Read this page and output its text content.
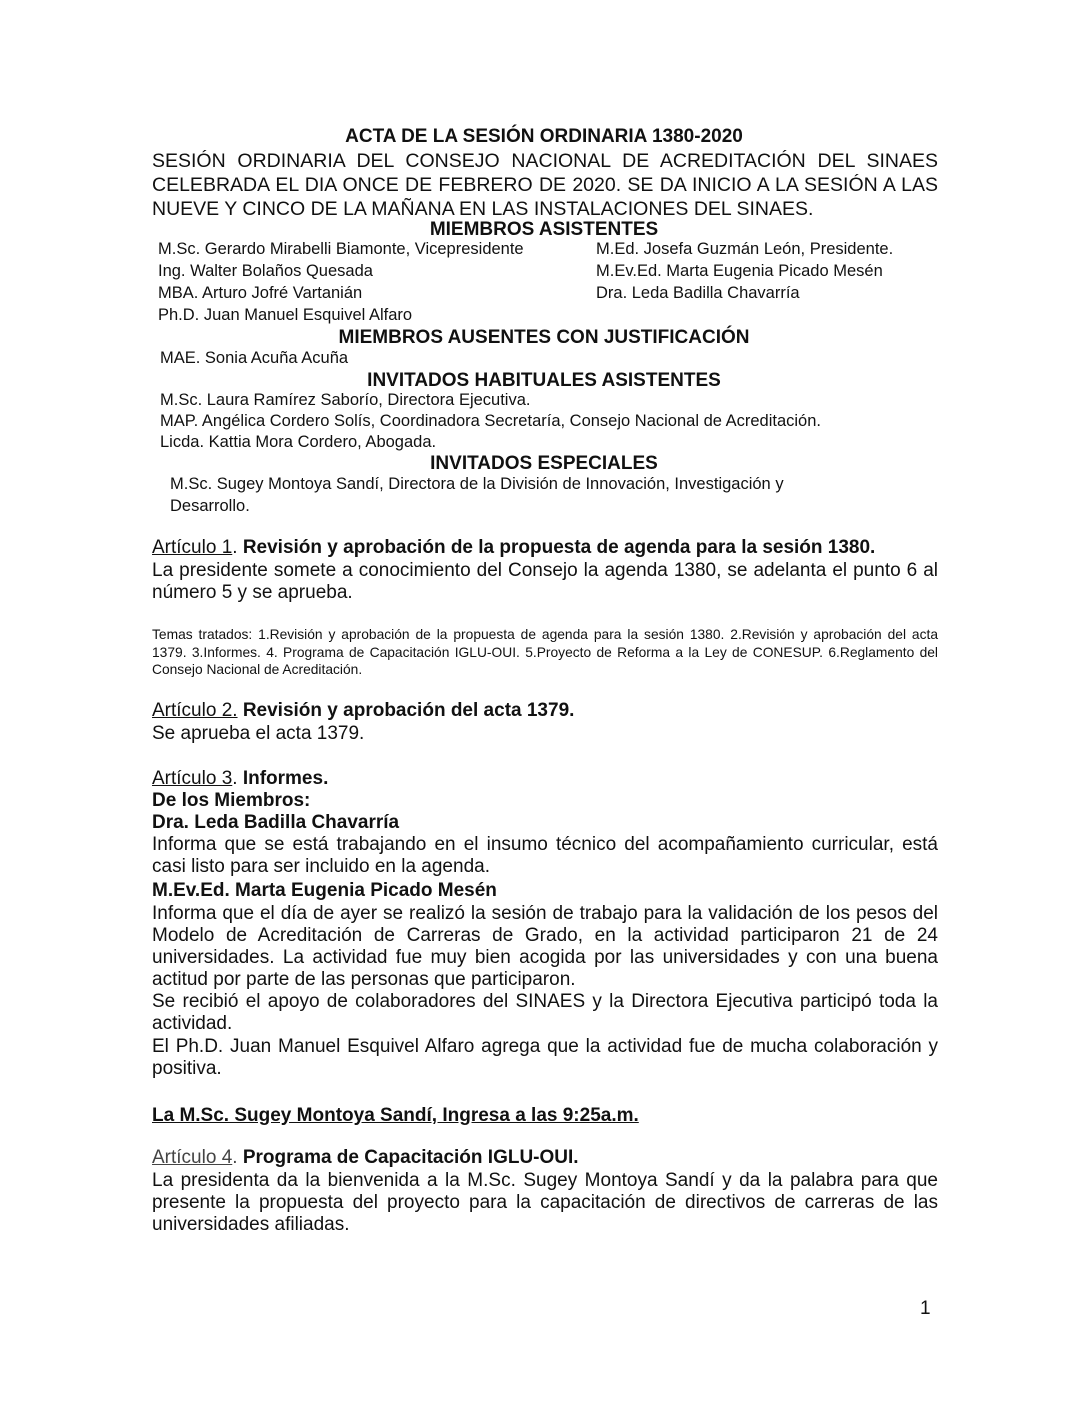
ACTA DE LA SESIÓN ORDINARIA 1380-2020
SESIÓN ORDINARIA DEL CONSEJO NACIONAL DE ACREDITACIÓN DEL SINAES CELEBRADA EL DIA ONCE DE FEBRERO DE 2020. SE DA INICIO A LA SESIÓN A LAS NUEVE Y CINCO DE LA MAÑANA EN LAS INSTALACIONES DEL SINAES.
MIEMBROS ASISTENTES
M.Sc. Gerardo Mirabelli Biamonte, Vicepresidente
Ing. Walter Bolaños Quesada
MBA. Arturo Jofré Vartanián
Ph.D. Juan Manuel Esquivel Alfaro
M.Ed. Josefa Guzmán León, Presidente.
M.Ev.Ed. Marta Eugenia Picado Mesén
Dra. Leda Badilla Chavarría
MIEMBROS AUSENTES CON JUSTIFICACIÓN
MAE. Sonia Acuña Acuña
INVITADOS HABITUALES ASISTENTES
M.Sc. Laura Ramírez Saborío, Directora Ejecutiva.
MAP. Angélica Cordero Solís, Coordinadora Secretaría, Consejo Nacional de Acreditación.
Licda. Kattia Mora Cordero, Abogada.
INVITADOS ESPECIALES
M.Sc. Sugey Montoya Sandí, Directora de la División de Innovación, Investigación y
Desarrollo.
Artículo 1. Revisión y aprobación de la propuesta de agenda para la sesión 1380.
La presidente somete a conocimiento del Consejo la agenda 1380, se adelanta el punto 6 al número 5 y se aprueba.
Temas tratados: 1.Revisión y aprobación de la propuesta de agenda para la sesión 1380. 2.Revisión y aprobación del acta 1379. 3.Informes. 4. Programa de Capacitación IGLU-OUI. 5.Proyecto de Reforma a la Ley de CONESUP. 6.Reglamento del Consejo Nacional de Acreditación.
Artículo 2. Revisión y aprobación del acta 1379.
Se aprueba el acta 1379.
Artículo 3. Informes.
De los Miembros:
Dra. Leda Badilla Chavarría
Informa que se está trabajando en el insumo técnico del acompañamiento curricular, está casi listo para ser incluido en la agenda.
M.Ev.Ed. Marta Eugenia Picado Mesén
Informa que el día de ayer se realizó la sesión de trabajo para la validación de los pesos del Modelo de Acreditación de Carreras de Grado, en la actividad participaron 21 de 24 universidades. La actividad fue muy bien acogida por las universidades y con una buena actitud por parte de las personas que participaron.
Se recibió el apoyo de colaboradores del SINAES y la Directora Ejecutiva participó toda la actividad.
El Ph.D. Juan Manuel Esquivel Alfaro agrega que la actividad fue de mucha colaboración y positiva.
La M.Sc. Sugey Montoya Sandí, Ingresa a las 9:25a.m.
Artículo 4. Programa de Capacitación IGLU-OUI.
La presidenta da la bienvenida a la M.Sc. Sugey Montoya Sandí y da la palabra para que presente la propuesta del proyecto para la capacitación de directivos de carreras de las universidades afiliadas.
1
